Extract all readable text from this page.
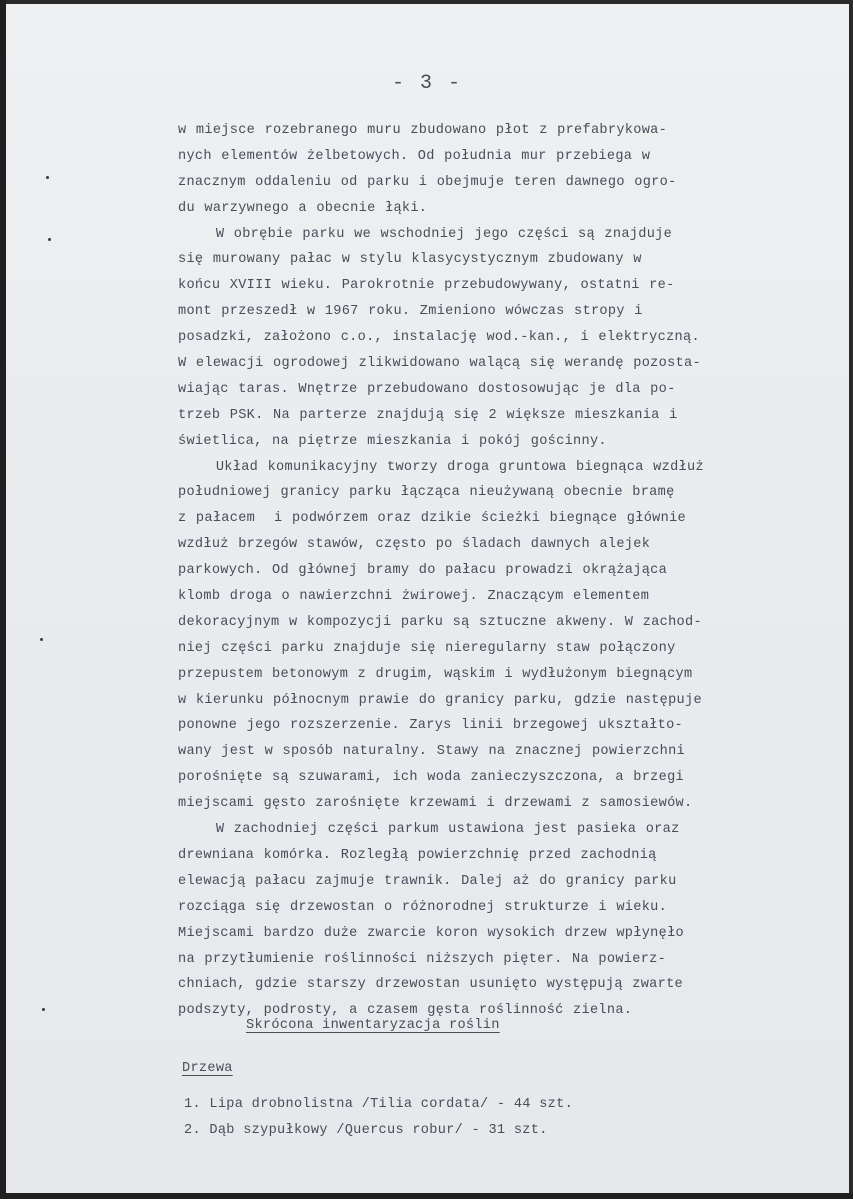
- 3 -
w miejsce rozebranego muru zbudowano płot z prefabrykowa-
nych elementów żelbetowych. Od południa mur przebiega w
znacznym oddaleniu od parku i obejmuje teren dawnego ogro-
du warzywnego a obecnie łąki.
W obrębie parku we wschodniej jego części są znajduje
się murowany pałac w stylu klasycystycznym zbudowany w
końcu XVIII wieku. Parokrotnie przebudowywany, ostatni re-
mont przeszedł w 1967 roku. Zmieniono wówczas stropy i
posadzki, założono c.o., instalację wod.-kan., i elektryczną.
W elewacji ogrodowej zlikwidowano walącą się werandę pozosta-
wiając taras. Wnętrze przebudowano dostosowując je dla po-
trzeb PSK. Na parterze znajdują się 2 większe mieszkania i
świetlica, na piętrze mieszkania i pokój gościnny.
Układ komunikacyjny tworzy droga gruntowa biegnąca wzdłuż
południowej granicy parku łącząca nieużywaną obecnie bramę
z pałacem  i podwórzem oraz dzikie ścieżki biegnące głównie
wzdłuż brzegów stawów, często po śladach dawnych alejek
parkowych. Od głównej bramy do pałacu prowadzi okrążająca
klomb droga o nawierzchni żwirowej. Znaczącym elementem
dekoracyjnym w kompozycji parku są sztuczne akweny. W zachod-
niej części parku znajduje się nieregularny staw połączony
przepustem betonowym z drugim, wąskim i wydłużonym biegnącym
w kierunku północnym prawie do granicy parku, gdzie następuje
ponowne jego rozszerzenie. Zarys linii brzegowej ukształto-
wany jest w sposób naturalny. Stawy na znacznej powierzchni
porośnięte są szuwarami, ich woda zanieczyszczona, a brzegi
miejscami gęsto zarośnięte krzewami i drzewami z samosiewów.
W zachodniej części parkum ustawiona jest pasieka oraz
drewniana komórka. Rozległą powierzchnię przed zachodnią
elewacją pałacu zajmuje trawnik. Dalej aż do granicy parku
rozciąga się drzewostan o różnorodnej strukturze i wieku.
Miejscami bardzo duże zwarcie koron wysokich drzew wpłynęło
na przytłumienie roślinności niższych pięter. Na powierz-
chniach, gdzie starszy drzewostan usunięto występują zwarte
podszyty, podrosty, a czasem gęsta roślinność zielna.
Skrócona inwentaryzacja roślin
Drzewa
1. Lipa drobnolistna /Tilia cordata/ - 44 szt.
2. Dąb szypułkowy /Quercus robur/ - 31 szt.
